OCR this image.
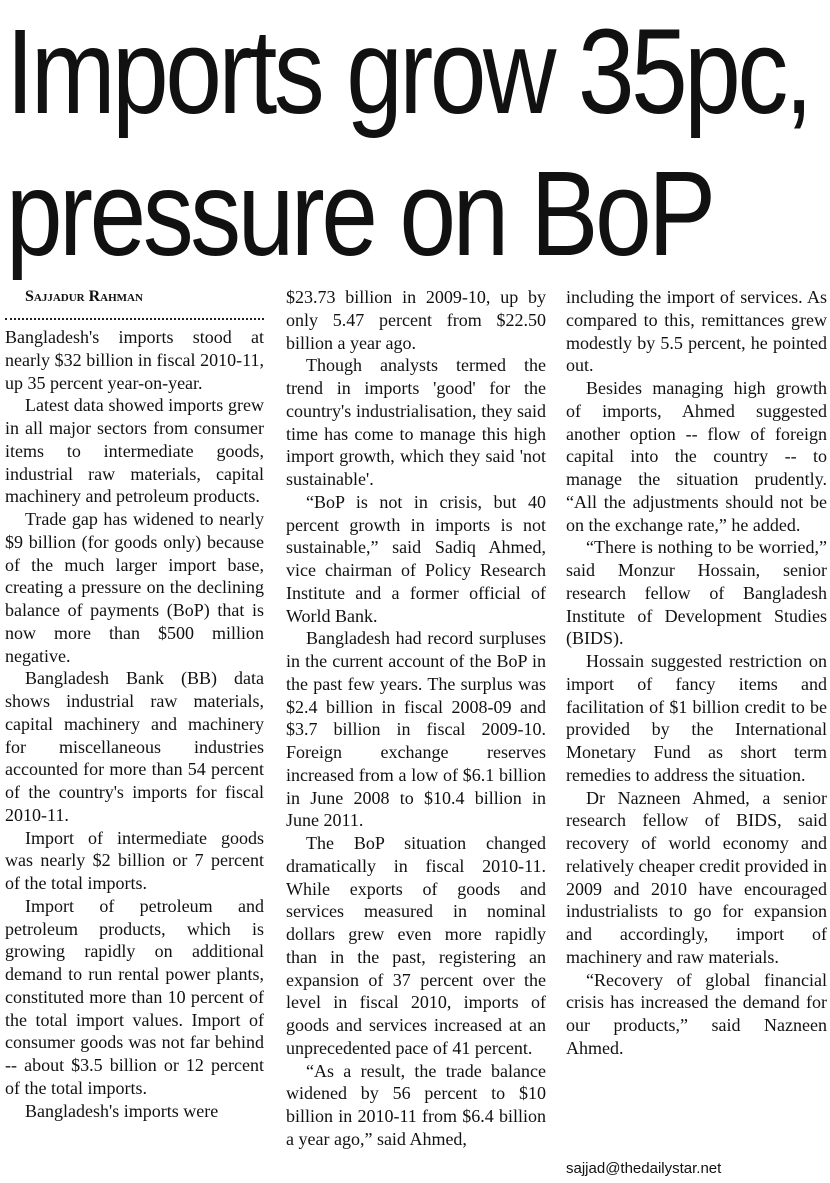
Imports grow 35pc,
pressure on BoP

Sajjadur Rahman

Bangladesh's imports stood at nearly $32 billion in fiscal 2010-11, up 35 percent year-on-year.

Latest data showed imports grew in all major sectors from consumer items to intermediate goods, industrial raw materials, capital machinery and petroleum products.

Trade gap has widened to nearly $9 billion (for goods only) because of the much larger import base, creating a pressure on the declining balance of payments (BoP) that is now more than $500 million negative.

Bangladesh Bank (BB) data shows industrial raw materials, capital machinery and machinery for miscellaneous industries accounted for more than 54 percent of the country's imports for fiscal 2010-11.

Import of intermediate goods was nearly $2 billion or 7 percent of the total imports.

Import of petroleum and petroleum products, which is growing rapidly on additional demand to run rental power plants, constituted more than 10 percent of the total import values. Import of consumer goods was not far behind -- about $3.5 billion or 12 percent of the total imports.

Bangladesh's imports were

$23.73 billion in 2009-10, up by only 5.47 percent from $22.50 billion a year ago.

Though analysts termed the trend in imports 'good' for the country's industrialisation, they said time has come to manage this high import growth, which they said 'not sustainable'.

“BoP is not in crisis, but 40 percent growth in imports is not sustainable,” said Sadiq Ahmed, vice chairman of Policy Research Institute and a former official of World Bank.

Bangladesh had record surpluses in the current account of the BoP in the past few years. The surplus was $2.4 billion in fiscal 2008-09 and $3.7 billion in fiscal 2009-10. Foreign exchange reserves increased from a low of $6.1 billion in June 2008 to $10.4 billion in June 2011.

The BoP situation changed dramatically in fiscal 2010-11. While exports of goods and services measured in nominal dollars grew even more rapidly than in the past, registering an expansion of 37 percent over the level in fiscal 2010, imports of goods and services increased at an unprecedented pace of 41 percent.

“As a result, the trade balance widened by 56 percent to $10 billion in 2010-11 from $6.4 billion a year ago,” said Ahmed,

including the import of services. As compared to this, remittances grew modestly by 5.5 percent, he pointed out.

Besides managing high growth of imports, Ahmed suggested another option -- flow of foreign capital into the country -- to manage the situation prudently. “All the adjustments should not be on the exchange rate,” he added.

“There is nothing to be worried,” said Monzur Hossain, senior research fellow of Bangladesh Institute of Development Studies (BIDS).

Hossain suggested restriction on import of fancy items and facilitation of $1 billion credit to be provided by the International Monetary Fund as short term remedies to address the situation.

Dr Nazneen Ahmed, a senior research fellow of BIDS, said recovery of world economy and relatively cheaper credit provided in 2009 and 2010 have encouraged industrialists to go for expansion and accordingly, import of machinery and raw materials.

“Recovery of global financial crisis has increased the demand for our products,” said Nazneen Ahmed.

sajjad@thedailystar.net
